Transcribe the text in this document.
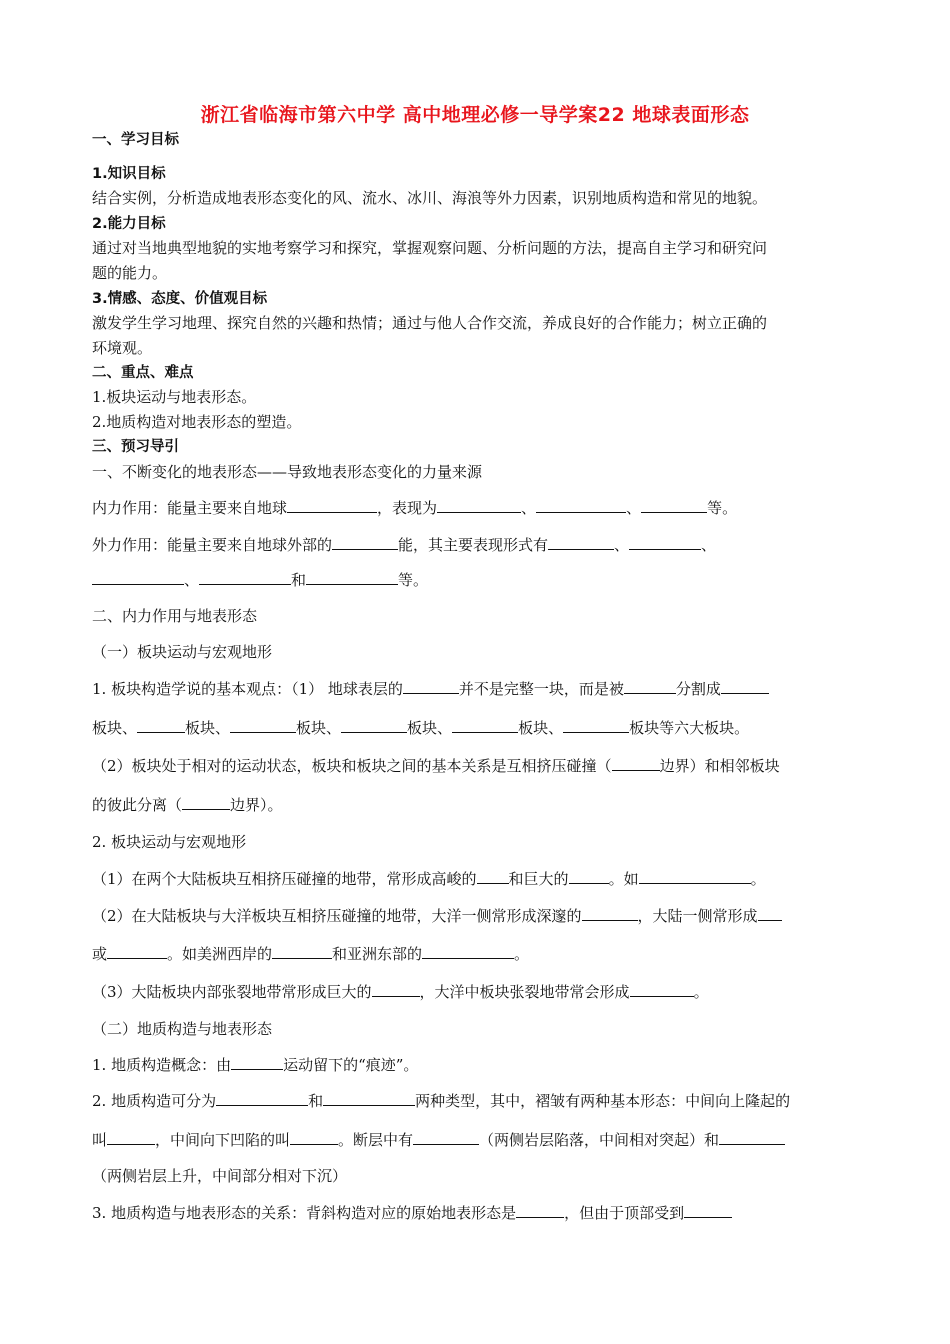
浙江省临海市第六中学 高中地理必修一导学案22 地球表面形态
一、学习目标
1.知识目标
结合实例，分析造成地表形态变化的风、流水、冰川、海浪等外力因素，识别地质构造和常见的地貌。
2.能力目标
通过对当地典型地貌的实地考察学习和探究，掌握观察问题、分析问题的方法，提高自主学习和研究问
题的能力。
3.情感、态度、价值观目标
激发学生学习地理、探究自然的兴趣和热情；通过与他人合作交流，养成良好的合作能力；树立正确的
环境观。
二、重点、难点
1.板块运动与地表形态。
2.地质构造对地表形态的塑造。
三、预习导引
一、不断变化的地表形态——导致地表形态变化的力量来源
内力作用：能量主要来自地球	，表现为	、	、	等。
外力作用：能量主要来自地球外部的	能，其主要表现形式有	、	、
、	和	等。
二、内力作用与地表形态
（一）板块运动与宏观地形
1. 板块构造学说的基本观点：（1） 地球表层的	并不是完整一块，而是被	分割成
板块、	板块、	板块、	板块、	板块、	板块等六大板块。
（2）板块处于相对的运动状态，板块和板块之间的基本关系是互相挤压碰撞（	边界）和相邻板块
的彼此分离（	边界）。
2. 板块运动与宏观地形
（1）在两个大陆板块互相挤压碰撞的地带，常形成高峻的 和巨大的	。如	。
（2）在大陆板块与大洋板块互相挤压碰撞的地带，大洋一侧常形成深邃的	，大陆一侧常形成
或	。如美洲西岸的	和亚洲东部的	。
（3）大陆板块内部张裂地带常形成巨大的	，大洋中板块张裂地带常会形成	。
（二）地质构造与地表形态
1. 地质构造概念：由	运动留下的“痕迹”。
2. 地质构造可分为	和	两种类型，其中，褶皱有两种基本形态：中间向上隆起的
叫	，中间向下凹陷的叫	。断层中有	（两侧岩层陷落，中间相对突起）和
（两侧岩层上升，中间部分相对下沉）
3. 地质构造与地表形态的关系：背斜构造对应的原始地表形态是	，但由于顶部受到
